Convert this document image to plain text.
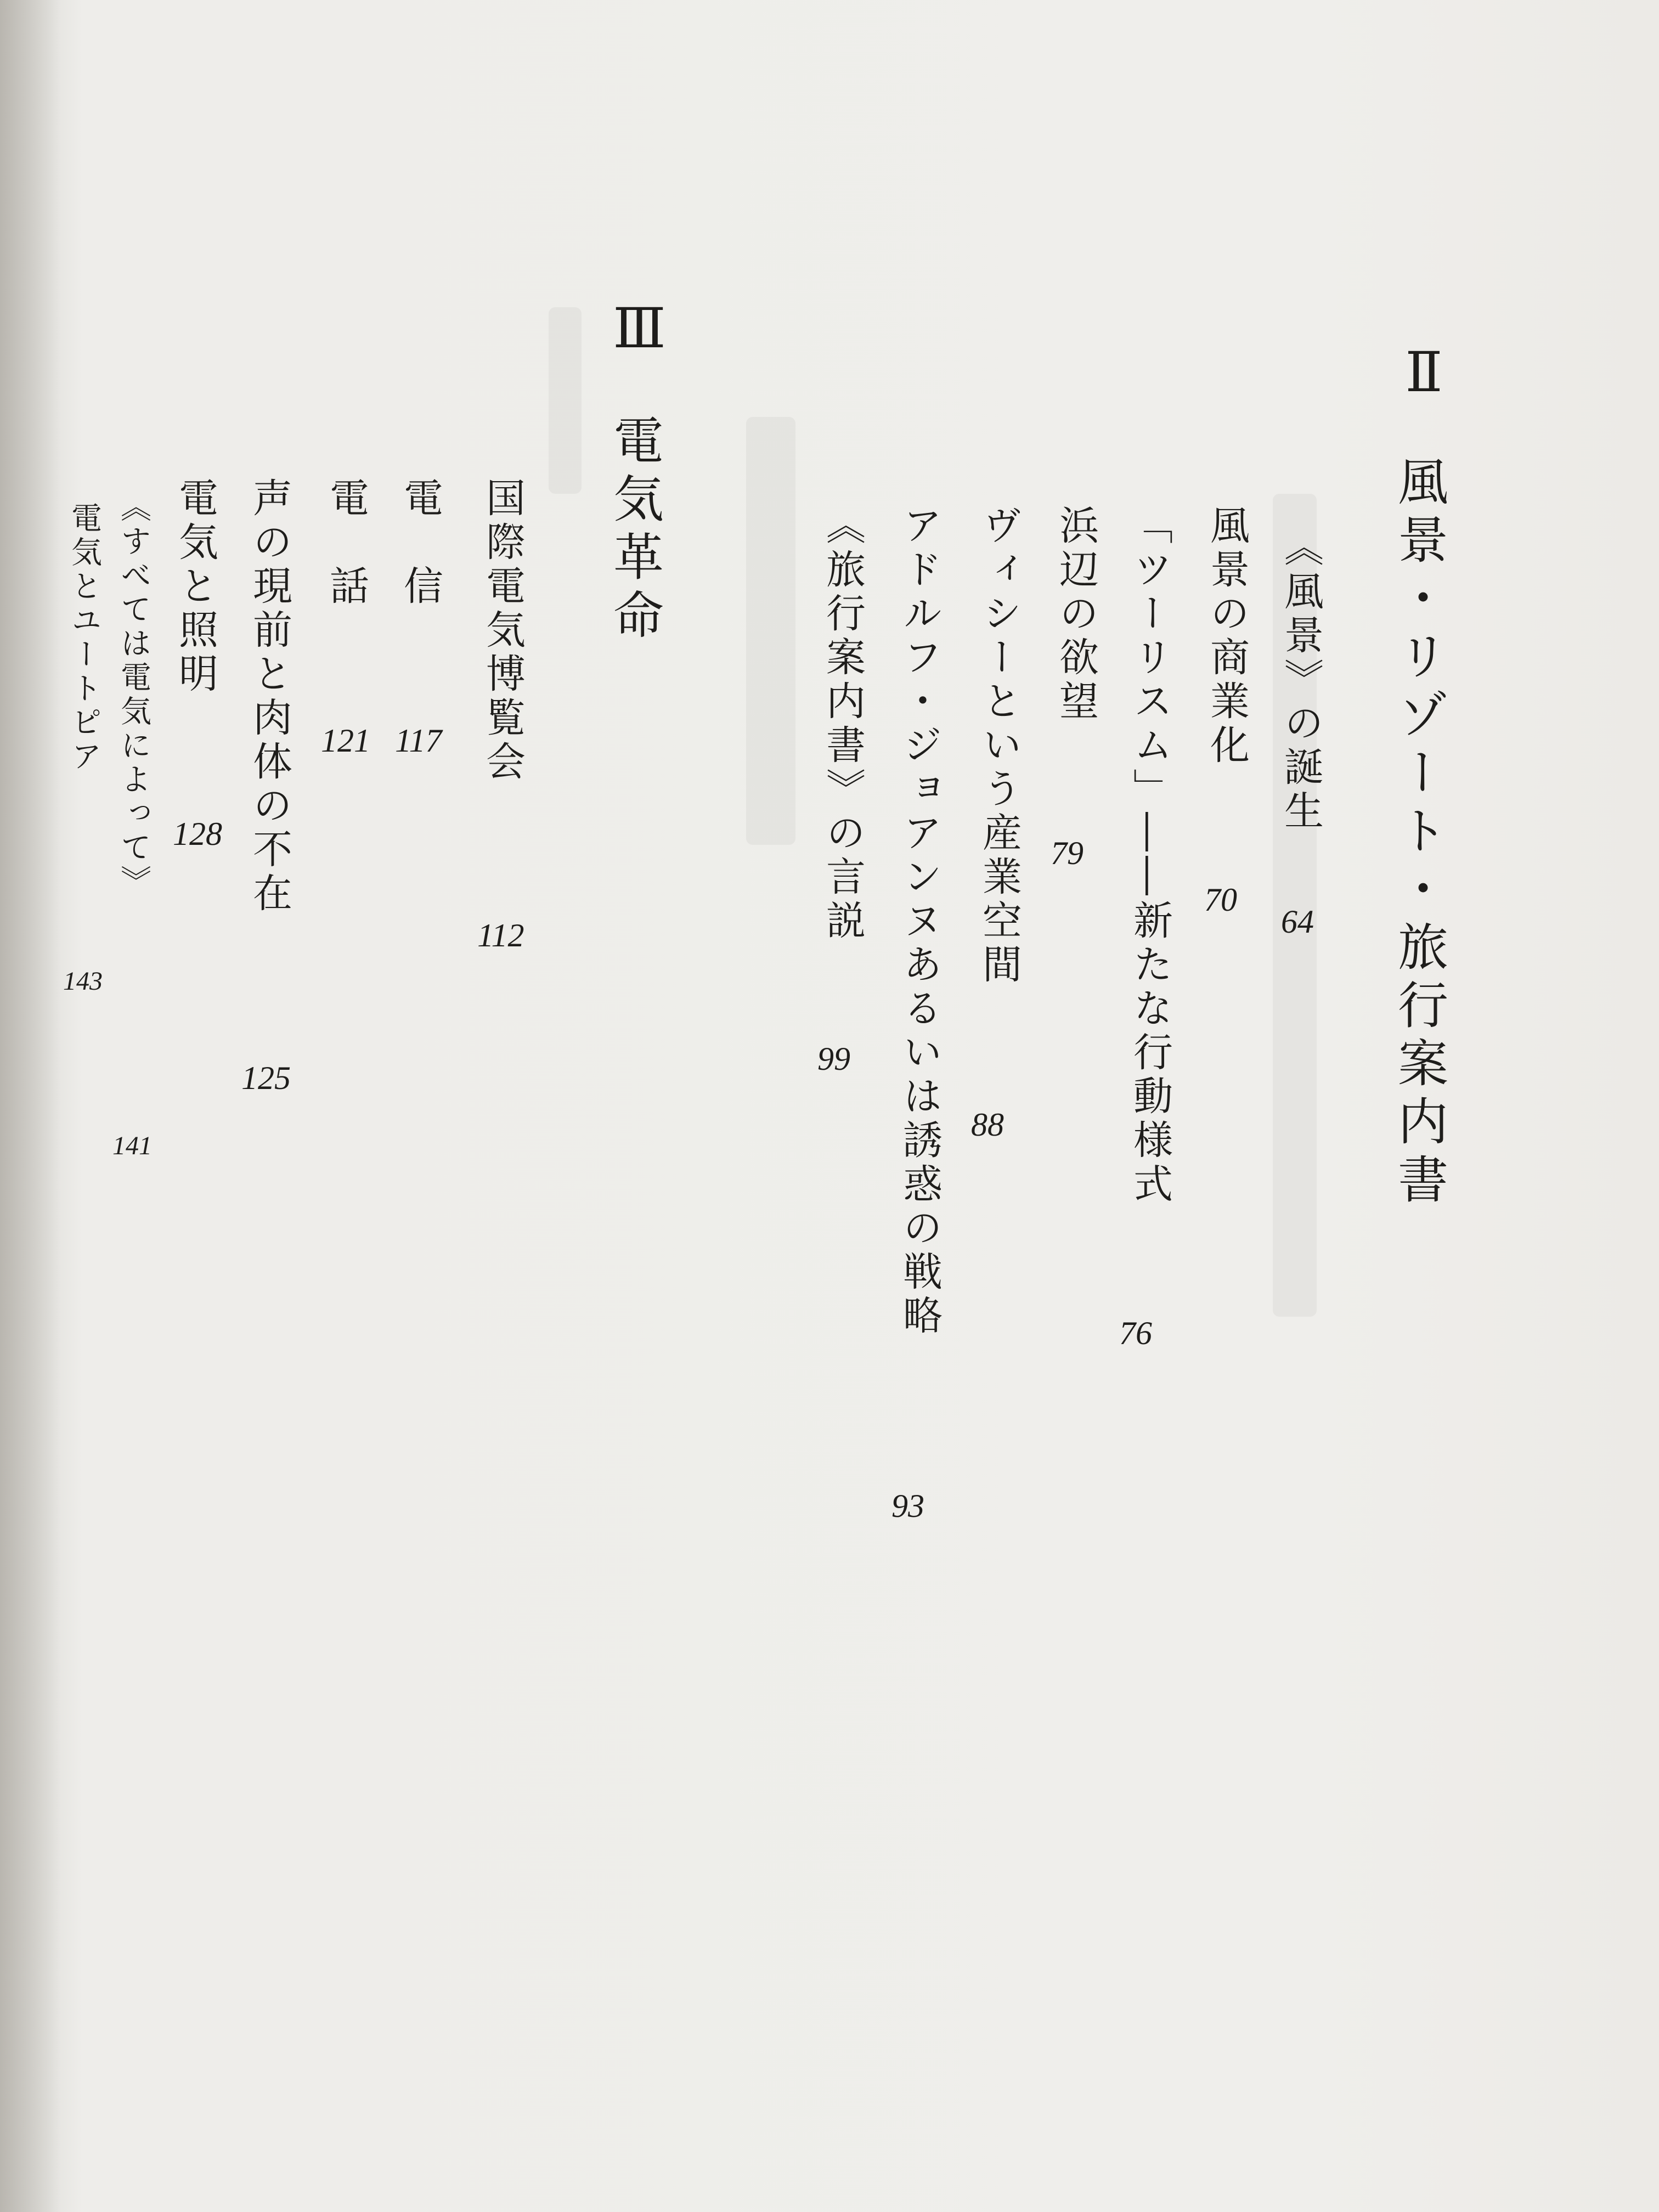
Ⅱ
風景・リゾート・旅行案内書
《風景》の誕生
64
風景の商業化
70
「ツーリスム」――新たな行動様式
76
浜辺の欲望
79
ヴィシーという産業空間
88
アドルフ・ジョアンヌあるいは誘惑の戦略
93
《旅行案内書》の言説
99
Ⅲ
電気革命
国際電気博覧会
112
電　信
117
電　話
121
声の現前と肉体の不在
125
電気と照明
128
《すべては電気によって》
141
電気とユートピア
143
